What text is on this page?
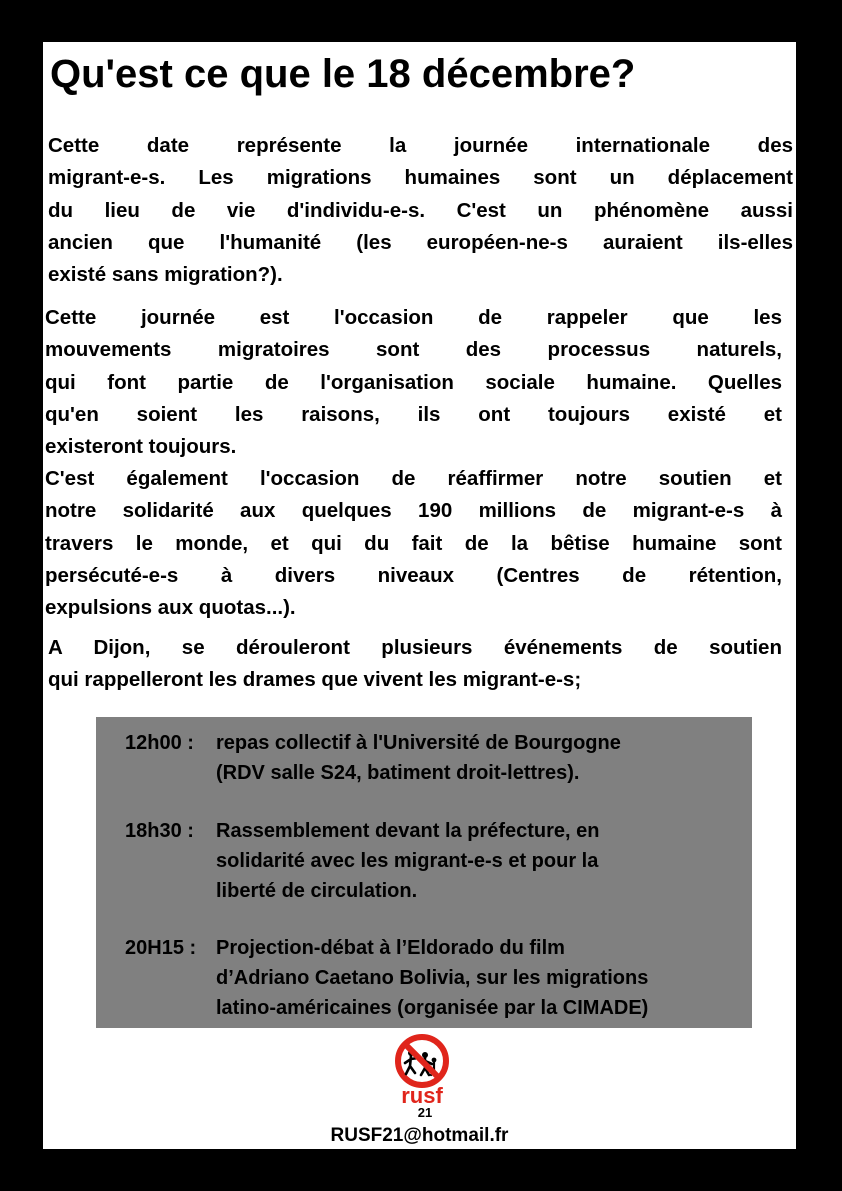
Qu'est ce que le 18 décembre?

Cette date représente la journée internationale des
migrant-e-s. Les migrations humaines sont un déplacement
du lieu de vie d'individu-e-s. C'est un phénomène aussi
ancien que l'humanité (les européen-ne-s auraient ils-elles
existé sans migration?).

Cette journée est l'occasion de rappeler que les
mouvements migratoires sont des processus naturels,
qui font partie de l'organisation sociale humaine. Quelles
qu'en soient les raisons, ils ont toujours existé et
existeront toujours.

C'est également l'occasion de réaffirmer notre soutien et
notre solidarité aux quelques 190 millions de migrant-e-s à
travers le monde, et qui du fait de la bêtise humaine sont
persécuté-e-s à divers niveaux (Centres de rétention,
expulsions aux quotas...).

A Dijon, se dérouleront plusieurs événements de soutien
qui rappelleront les drames que vivent les migrant-e-s;

12h00 : repas collectif à l'Université de Bourgogne
(RDV salle S24, batiment droit-lettres).
18h30 : Rassemblement devant la préfecture, en
solidarité avec les migrant-e-s et pour la
liberté de circulation.
20H15 : Projection-débat à l’Eldorado du film
d’Adriano Caetano Bolivia, sur les migrations
latino-américaines (organisée par la CIMADE)
rusf
21
RUSF21@hotmail.fr
